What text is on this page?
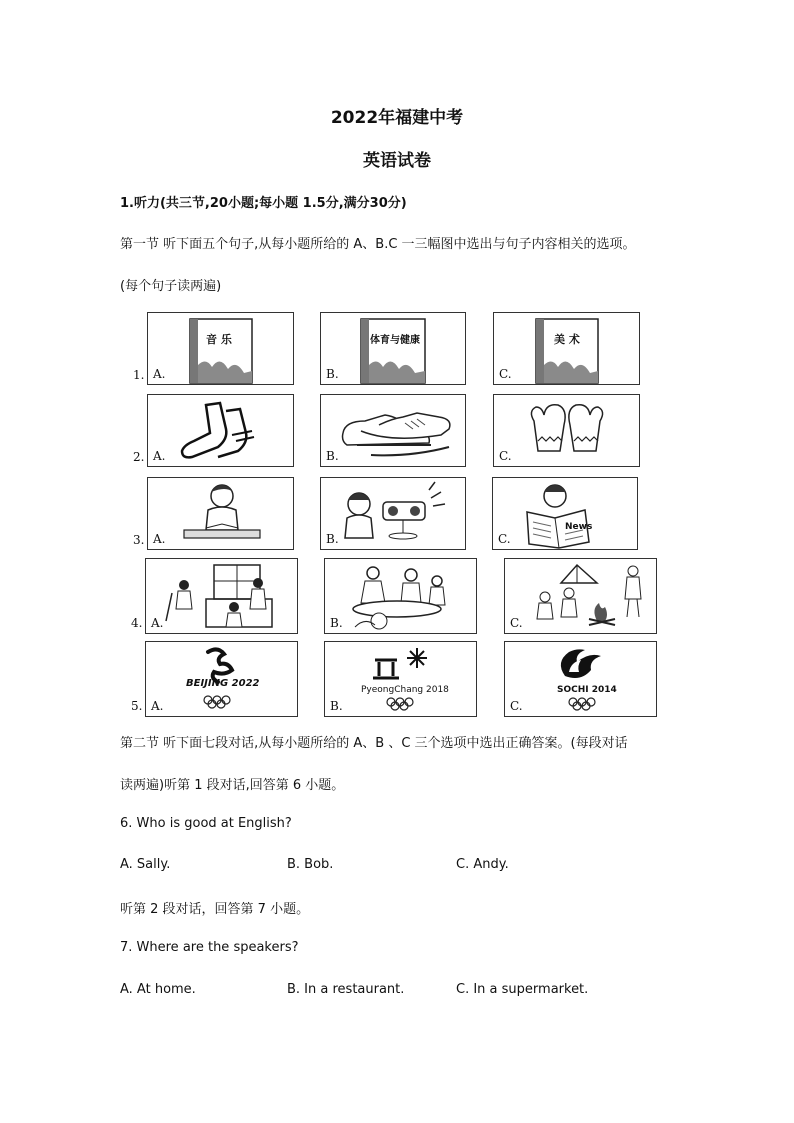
2022年福建中考
英语试卷
1.听力(共三节,20小题;每小题 1.5分,满分30分)
第一节 听下面五个句子,从每小题所给的 A、B.C 一三幅图中选出与句子内容相关的选项。
(每个句子读两遍)
1.
音 乐
A.
体育与健康
B.
美 术
C.
2. A.	B.	C.
3. A.	B.
News
C.
4. A.	B.	C.
5.
BEIJING 2022
A.
PyeongChang 2018
B.
SOCHI 2014
C.
第二节 听下面七段对话,从每小题所给的 A、B 、C 三个选项中选出正确答案。(每段对话
读两遍)听第 1 段对话,回答第 6 小题。
6. Who is good at English?
A. Sally.	B. Bob.	C. Andy.
听第 2 段对话，回答第 7 小题。
7. Where are the speakers?
A. At home.	B. In a restaurant.	C. In a supermarket.
